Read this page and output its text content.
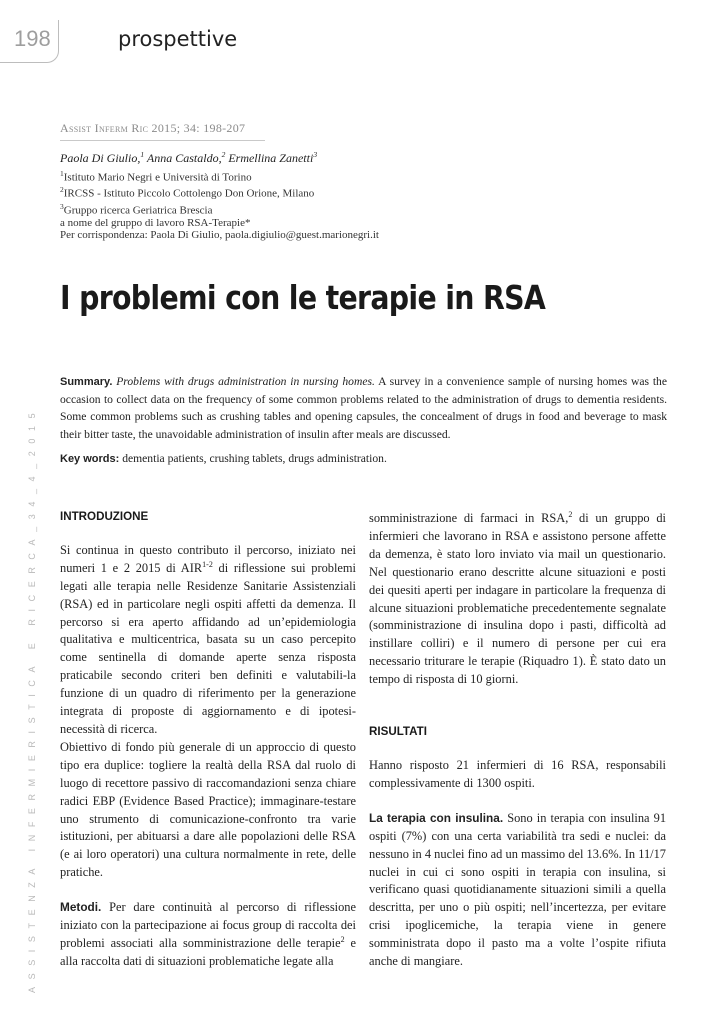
198	prospettive
Assist Inferm Ric 2015; 34: 198-207
Paola Di Giulio,$^1$ Anna Castaldo,$^2$ Ermellina Zanetti$^3$
$^1$Istituto Mario Negri e Università di Torino
$^2$IRCSS - Istituto Piccolo Cottolengo Don Orione, Milano
$^3$Gruppo ricerca Geriatrica Brescia
a nome del gruppo di lavoro RSA-Terapie*
Per corrispondenza: Paola Di Giulio, paola.digiulio@guest.marionegri.it
I problemi con le terapie in RSA
Summary. Problems with drugs administration in nursing homes. A survey in a convenience sample of nursing homes was the occasion to collect data on the frequency of some common problems related to the administration of drugs to dementia residents. Some common problems such as crushing tables and opening capsules, the concealment of drugs in food and beverage to mask their bitter taste, the unavoidable administration of insulin after meals are discussed.
Key words: dementia patients, crushing tablets, drugs administration.
ASSISTENZA INFERMIERISTICA E RICERCA_34_4_2015 INTRODUZIONE

Si continua in questo contributo il percorso, iniziato nei numeri 1 e 2 2015 di AIR$^{1-2}$ di riflessione sui problemi legati alle terapia nelle Residenze Sanitarie Assistenziali (RSA) ed in particolare negli ospiti affetti da demenza. Il percorso si era aperto affidando ad un’epidemiologia qualitativa e multicentrica, basata su un caso percepito come sentinella di domande aperte senza risposta praticabile secondo criteri ben definiti e valutabili-la funzione di un quadro di riferimento per la generazione integrata di proposte di aggiornamento e di ipotesi-necessità di ricerca.

Obiettivo di fondo più generale di un approccio di questo tipo era duplice: togliere la realtà della RSA dal ruolo di luogo di recettore passivo di raccomandazioni senza chiare radici EBP (Evidence Based Practice); immaginare-testare uno strumento di comunicazione-confronto tra varie istituzioni, per abituarsi a dare alle popolazioni delle RSA (e ai loro operatori) una cultura normalmente in rete, delle pratiche.

Metodi. Per dare continuità al percorso di riflessione iniziato con la partecipazione ai focus group di raccolta dei problemi associati alla somministrazione delle terapie$^2$ e alla raccolta dati di situazioni problematiche legate alla

somministrazione di farmaci in RSA,$^2$ di un gruppo di infermieri che lavorano in RSA e assistono persone affette da demenza, è stato loro inviato via mail un questionario. Nel questionario erano descritte alcune situazioni e posti dei quesiti aperti per indagare in particolare la frequenza di alcune situazioni problematiche precedentemente segnalate (somministrazione di insulina dopo i pasti, difficoltà ad instillare colliri) e il numero di persone per cui era necessario triturare le terapie (Riquadro 1). È stato dato un tempo di risposta di 10 giorni.

RISULTATI

Hanno risposto 21 infermieri di 16 RSA, responsabili complessivamente di 1300 ospiti.

La terapia con insulina. Sono in terapia con insulina 91 ospiti (7%) con una certa variabilità tra sedi e nuclei: da nessuno in 4 nuclei fino ad un massimo del 13.6%. In 11/17 nuclei in cui ci sono ospiti in terapia con insulina, si verificano quasi quotidianamente situazioni simili a quella descritta, per uno o più ospiti; nell’incertezza, per evitare crisi ipoglicemiche, la terapia viene in genere somministrata dopo il pasto ma a volte l’ospite rifiuta anche di mangiare.
